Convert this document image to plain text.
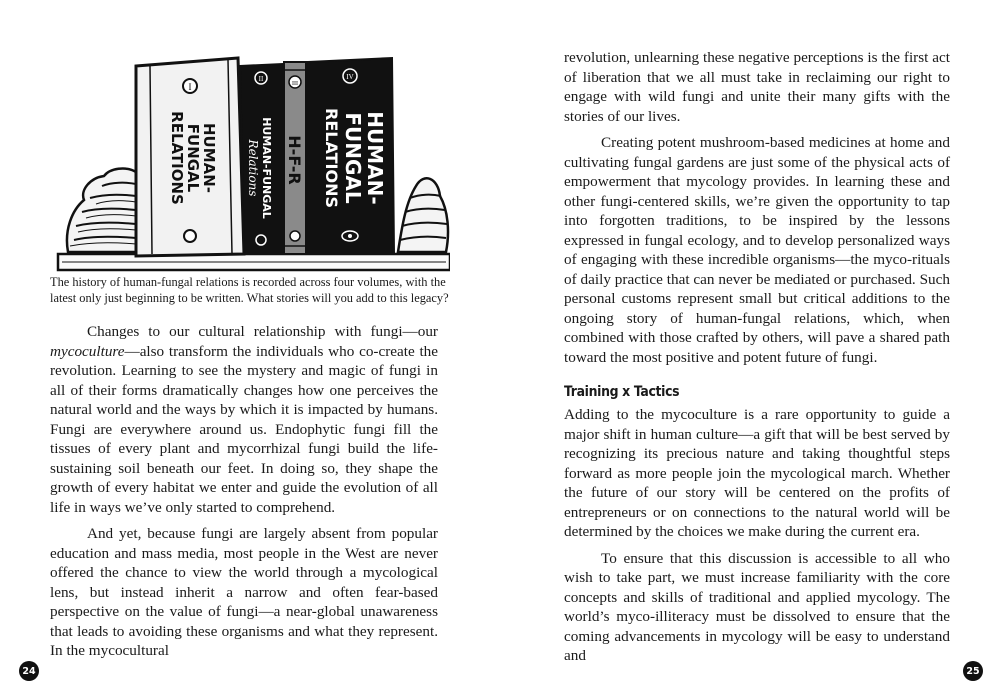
I
HUMAN-
FUNGAL
RELATIONS
II
HUMAN-FUNGAL
Relations
III
H-F-R
IV
HUMAN-
FUNGAL
RELATIONS

The history of human-fungal relations is recorded across four volumes, with the latest only just beginning to be written. What stories will you add to this legacy?

Changes to our cultural relationship with fungi—our mycoculture—also transform the individuals who co-create the revolution. Learning to see the mystery and magic of fungi in all of their forms dramatically changes how one perceives the natural world and the ways by which it is impacted by humans. Fungi are everywhere around us. Endophytic fungi fill the tissues of every plant and mycorrhizal fungi build the life-sustaining soil beneath our feet. In doing so, they shape the growth of every habitat we enter and guide the evolution of all life in ways we’ve only started to comprehend.

And yet, because fungi are largely absent from popular education and mass media, most people in the West are never offered the chance to view the world through a mycological lens, but instead inherit a narrow and often fear-based perspective on the value of fungi—a near-global unawareness that leads to avoiding these organisms and what they represent. In the mycocultural

24

revolution, unlearning these negative perceptions is the first act of liberation that we all must take in reclaiming our right to engage with wild fungi and unite their many gifts with the stories of our lives.

Creating potent mushroom-based medicines at home and cultivating fungal gardens are just some of the physical acts of empowerment that mycology provides. In learning these and other fungi-centered skills, we’re given the opportunity to tap into forgotten traditions, to be inspired by the lessons expressed in fungal ecology, and to develop personalized ways of engaging with these incredible organisms—the myco-rituals of daily practice that can never be mediated or purchased. Such personal customs represent small but critical additions to the ongoing story of human-fungal relations, which, when combined with those crafted by others, will pave a shared path toward the most positive and potent future of fungi.

Training x Tactics

Adding to the mycoculture is a rare opportunity to guide a major shift in human culture—a gift that will be best served by recognizing its precious nature and taking thoughtful steps forward as more people join the mycological march. Whether the future of our story will be centered on the profits of entrepreneurs or on connections to the natural world will be determined by the choices we make during the current era.

To ensure that this discussion is accessible to all who wish to take part, we must increase familiarity with the core concepts and skills of traditional and applied mycology. The world’s myco-illiteracy must be dissolved to ensure that the coming advancements in mycology will be easy to understand and

25
